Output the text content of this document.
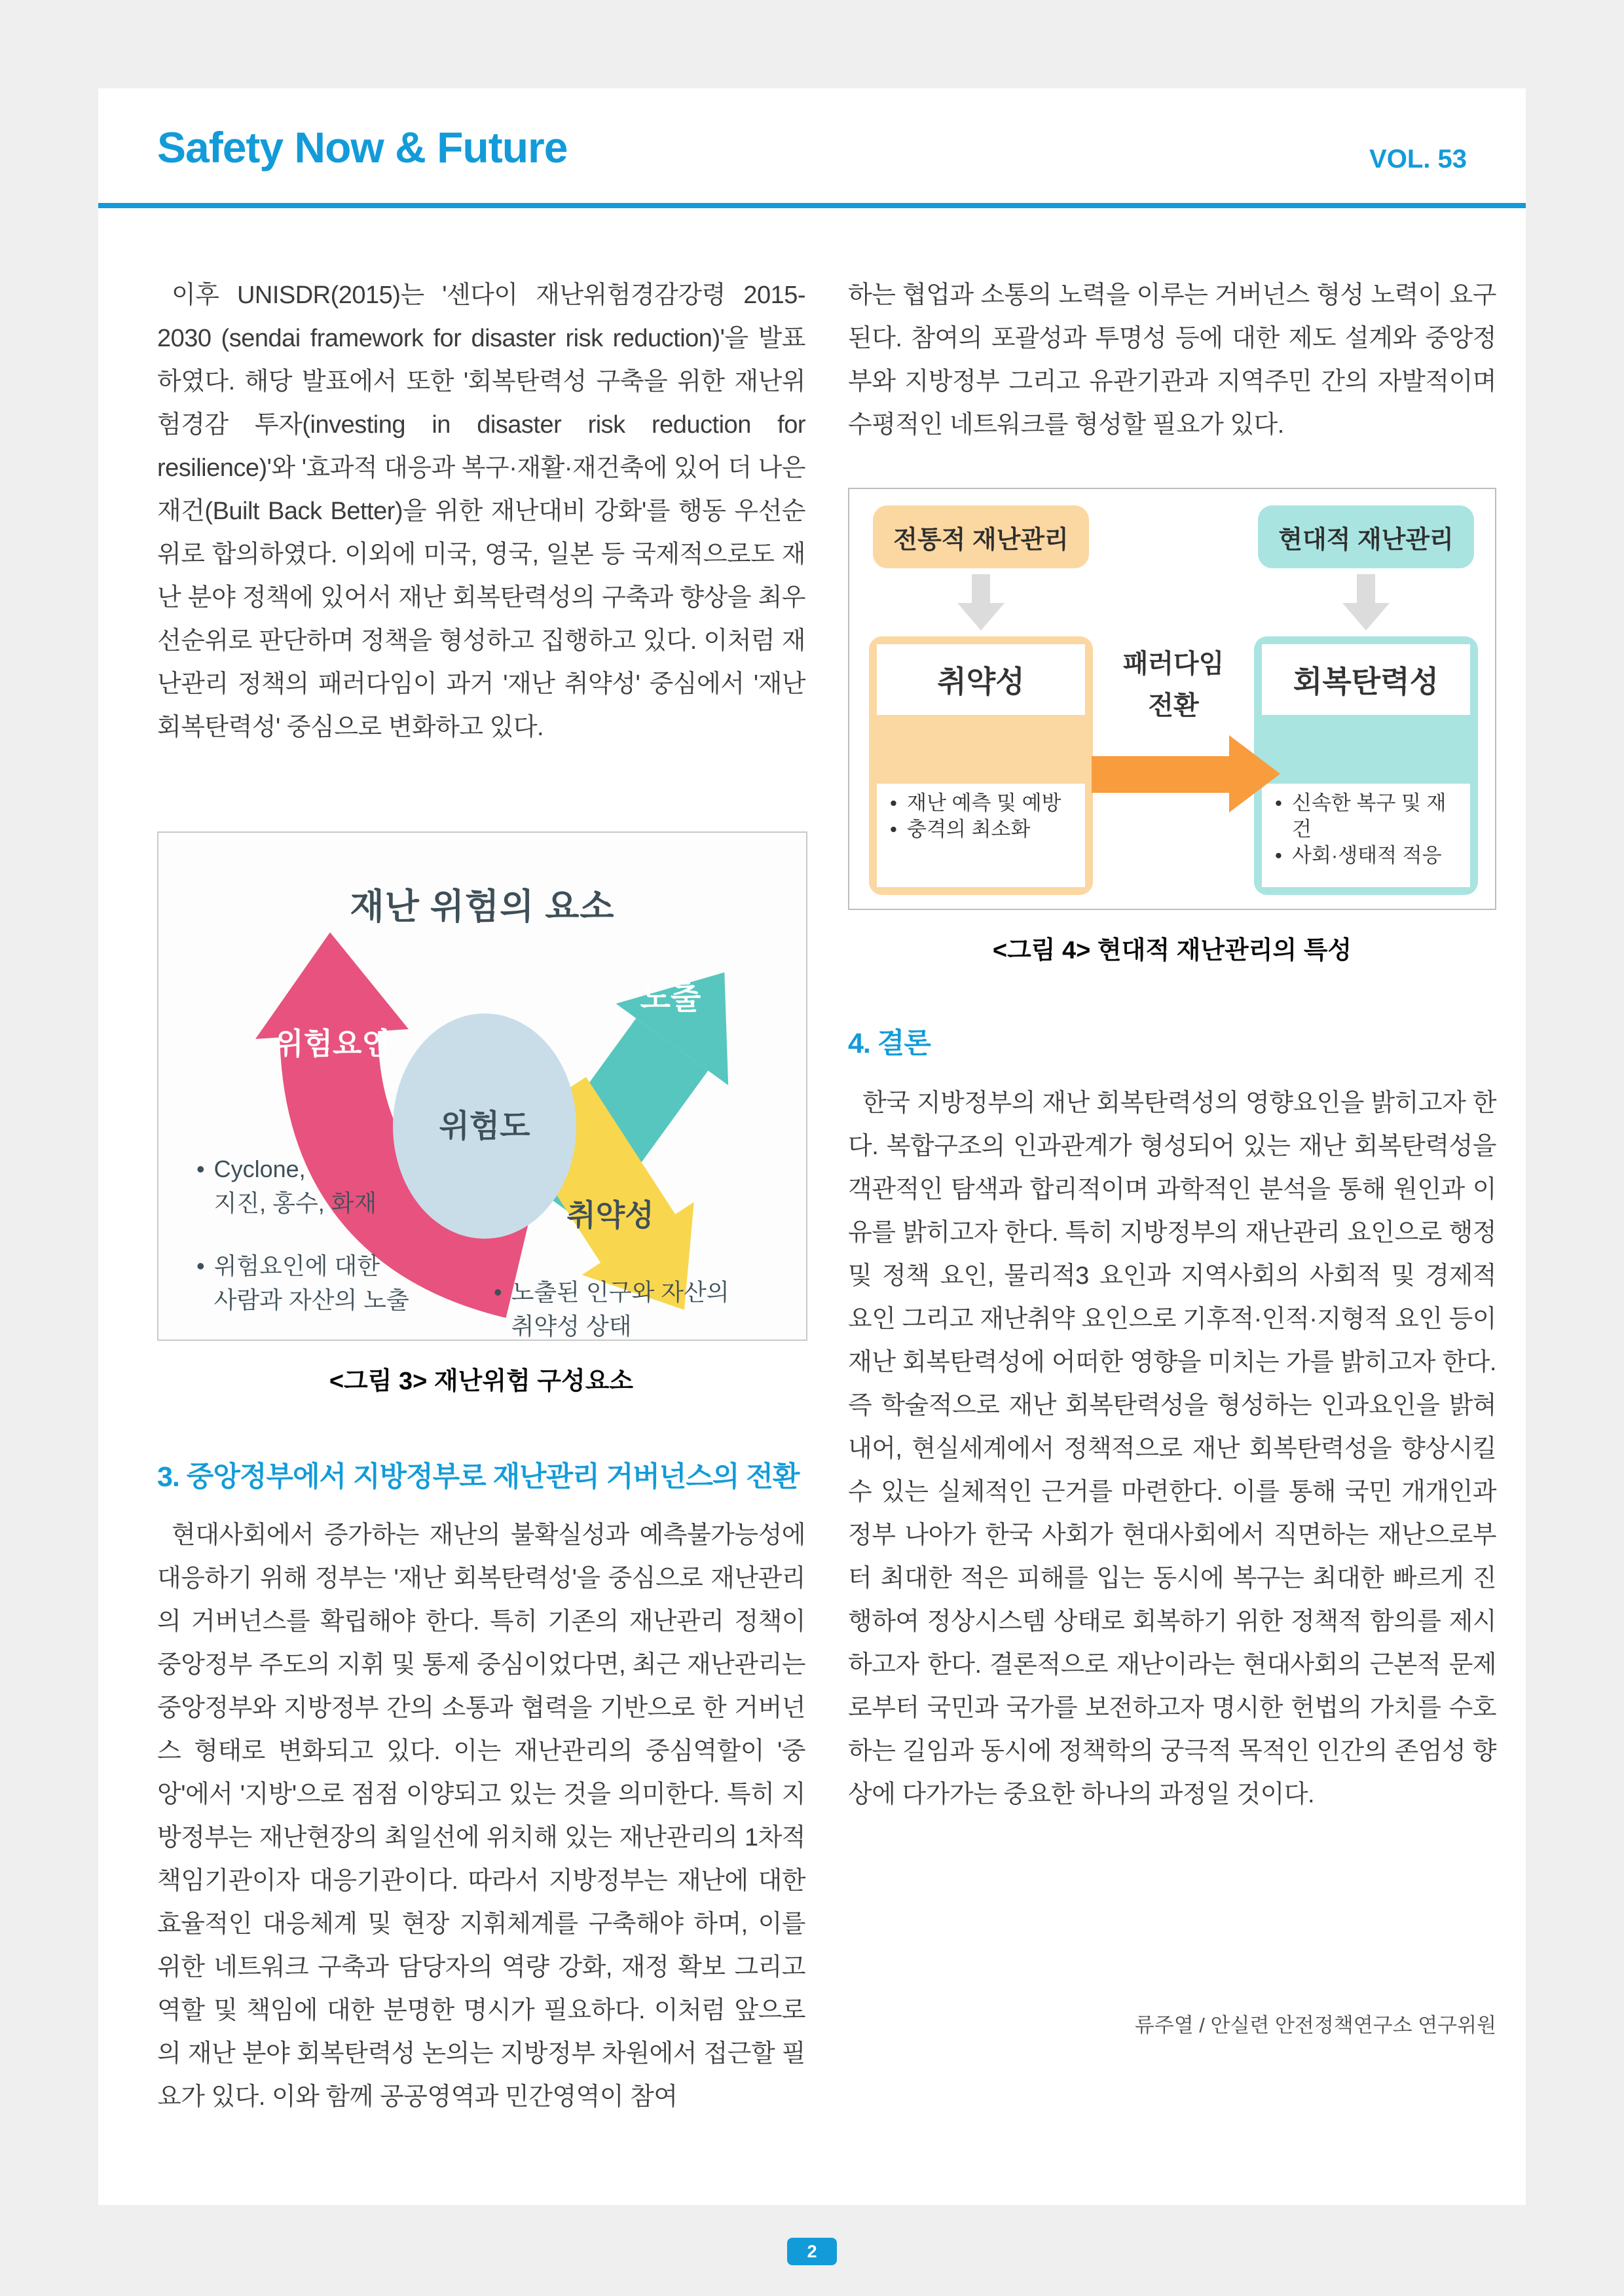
Safety Now & Future	VOL. 53

이후 UNISDR(2015)는 '센다이 재난위험경감강령 2015-2030 (sendai framework for disaster risk reduction)'을 발표하였다. 해당 발표에서 또한 '회복탄력성 구축을 위한 재난위험경감 투자(investing in disaster risk reduction for resilience)'와 '효과적 대응과 복구·재활·재건축에 있어 더 나은 재건(Built Back Better)을 위한 재난대비 강화'를 행동 우선순위로 합의하였다. 이외에 미국, 영국, 일본 등 국제적으로도 재난 분야 정책에 있어서 재난 회복탄력성의 구축과 향상을 최우선순위로 판단하며 정책을 형성하고 집행하고 있다. 이처럼 재난관리 정책의 패러다임이 과거 '재난 취약성' 중심에서 '재난 회복탄력성' 중심으로 변화하고 있다.

위험요인
노출
위험도
취약성
재난 위험의 요소
• Cyclone,
지진, 홍수, 화재
• 위험요인에 대한
사람과 자산의 노출	• 노출된 인구와 자산의
취약성 상태
<그림 3> 재난위험 구성요소
3. 중앙정부에서 지방정부로 재난관리 거버넌스의 전환

현대사회에서 증가하는 재난의 불확실성과 예측불가능성에 대응하기 위해 정부는 '재난 회복탄력성'을 중심으로 재난관리의 거버넌스를 확립해야 한다. 특히 기존의 재난관리 정책이 중앙정부 주도의 지휘 및 통제 중심이었다면, 최근 재난관리는 중앙정부와 지방정부 간의 소통과 협력을 기반으로 한 거버넌스 형태로 변화되고 있다. 이는 재난관리의 중심역할이 '중앙'에서 '지방'으로 점점 이양되고 있는 것을 의미한다. 특히 지방정부는 재난현장의 최일선에 위치해 있는 재난관리의 1차적 책임기관이자 대응기관이다. 따라서 지방정부는 재난에 대한 효율적인 대응체계 및 현장 지휘체계를 구축해야 하며, 이를 위한 네트워크 구축과 담당자의 역량 강화, 재정 확보 그리고 역할 및 책임에 대한 분명한 명시가 필요하다. 이처럼 앞으로의 재난 분야 회복탄력성 논의는 지방정부 차원에서 접근할 필요가 있다. 이와 함께 공공영역과 민간영역이 참여

하는 협업과 소통의 노력을 이루는 거버넌스 형성 노력이 요구된다. 참여의 포괄성과 투명성 등에 대한 제도 설계와 중앙정부와 지방정부 그리고 유관기관과 지역주민 간의 자발적이며 수평적인 네트워크를 형성할 필요가 있다.

전통적 재난관리	현대적 재난관리
취약성
• 재난 예측 및 예방
• 충격의 최소화
회복탄력성
• 신속한 복구 및 재건
• 사회·생태적 적응
패러다임
전환
<그림 4> 현대적 재난관리의 특성
4. 결론

한국 지방정부의 재난 회복탄력성의 영향요인을 밝히고자 한다. 복합구조의 인과관계가 형성되어 있는 재난 회복탄력성을 객관적인 탐색과 합리적이며 과학적인 분석을 통해 원인과 이유를 밝히고자 한다. 특히 지방정부의 재난관리 요인으로 행정 및 정책 요인, 물리적3 요인과 지역사회의 사회적 및 경제적 요인 그리고 재난취약 요인으로 기후적·인적·지형적 요인 등이 재난 회복탄력성에 어떠한 영향을 미치는 가를 밝히고자 한다. 즉 학술적으로 재난 회복탄력성을 형성하는 인과요인을 밝혀내어, 현실세계에서 정책적으로 재난 회복탄력성을 향상시킬 수 있는 실체적인 근거를 마련한다. 이를 통해 국민 개개인과 정부 나아가 한국 사회가 현대사회에서 직면하는 재난으로부터 최대한 적은 피해를 입는 동시에 복구는 최대한 빠르게 진행하여 정상시스템 상태로 회복하기 위한 정책적 함의를 제시하고자 한다. 결론적으로 재난이라는 현대사회의 근본적 문제로부터 국민과 국가를 보전하고자 명시한 헌법의 가치를 수호하는 길임과 동시에 정책학의 궁극적 목적인 인간의 존엄성 향상에 다가가는 중요한 하나의 과정일 것이다.

류주열 / 안실련 안전정책연구소 연구위원

2
